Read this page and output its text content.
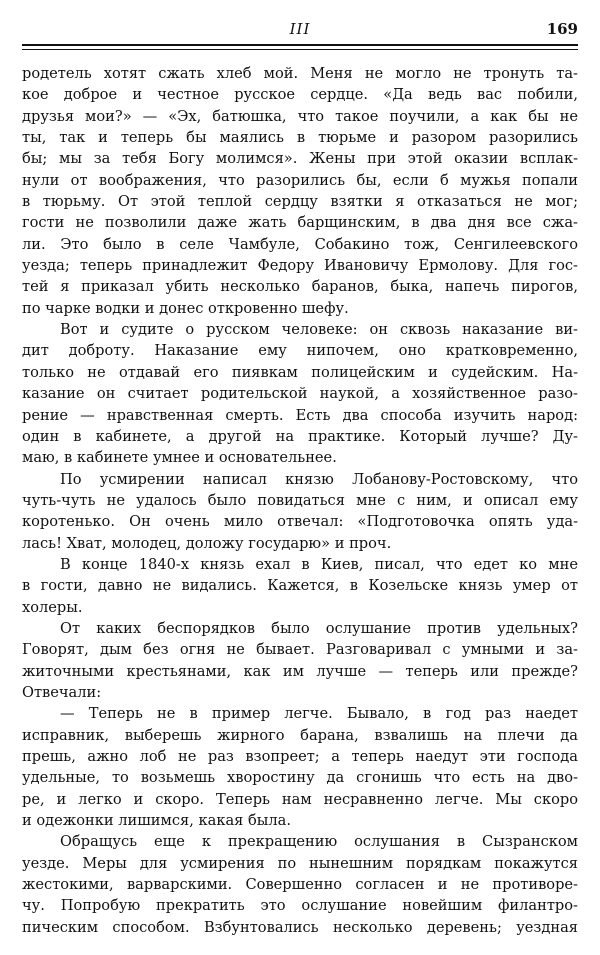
III	169
родетель хотят сжать хлеб мой. Меня не могло не тронуть та-
кое доброе и честное русское сердце. «Да ведь вас побили,
друзья мои?» — «Эх, батюшка, что такое поучили, а как бы не
ты, так и теперь бы маялись в тюрьме и разором разорились
бы; мы за тебя Богу молимся». Жены при этой оказии всплак-
нули от воображения, что разорились бы, если б мужья попали
в тюрьму. От этой теплой сердцу взятки я отказаться не мог;
гости не позволили даже жать барщинским, в два дня все сжа-
ли. Это было в селе Чамбуле, Собакино тож, Сенгилеевского
уезда; теперь принадлежит Федору Ивановичу Ермолову. Для гос-
тей я приказал убить несколько баранов, быка, напечь пирогов,
по чарке водки и донес откровенно шефу.
Вот и судите о русском человеке: он сквозь наказание ви-
дит доброту. Наказание ему нипочем, оно кратковременно,
только не отдавай его пиявкам полицейским и судейским. На-
казание он считает родительской наукой, а хозяйственное разо-
рение — нравственная смерть. Есть два способа изучить народ:
один в кабинете, а другой на практике. Который лучше? Ду-
маю, в кабинете умнее и основательнее.
По усмирении написал князю Лобанову-Ростовскому, что
чуть-чуть не удалось было повидаться мне с ним, и описал ему
коротенько. Он очень мило отвечал: «Подготовочка опять уда-
лась! Хват, молодец, доложу государю» и проч.
В конце 1840-х князь ехал в Киев, писал, что едет ко мне
в гости, давно не видались. Кажется, в Козельске князь умер от
холеры.
От каких беспорядков было ослушание против удельных?
Говорят, дым без огня не бывает. Разговаривал с умными и за-
житочными крестьянами, как им лучше — теперь или прежде?
Отвечали:
— Теперь не в пример легче. Бывало, в год раз наедет
исправник, выберешь жирного барана, взвалишь на плечи да
прешь, ажно лоб не раз взопреет; а теперь наедут эти господа
удельные, то возьмешь хворостину да сгонишь что есть на дво-
ре, и легко и скоро. Теперь нам несравненно легче. Мы скоро
и одежонки лишимся, какая была.
Обращусь еще к прекращению ослушания в Сызранском
уезде. Меры для усмирения по нынешним порядкам покажутся
жестокими, варварскими. Совершенно согласен и не противоре-
чу. Попробую прекратить это ослушание новейшим филантро-
пическим способом. Взбунтовались несколько деревень; уездная
